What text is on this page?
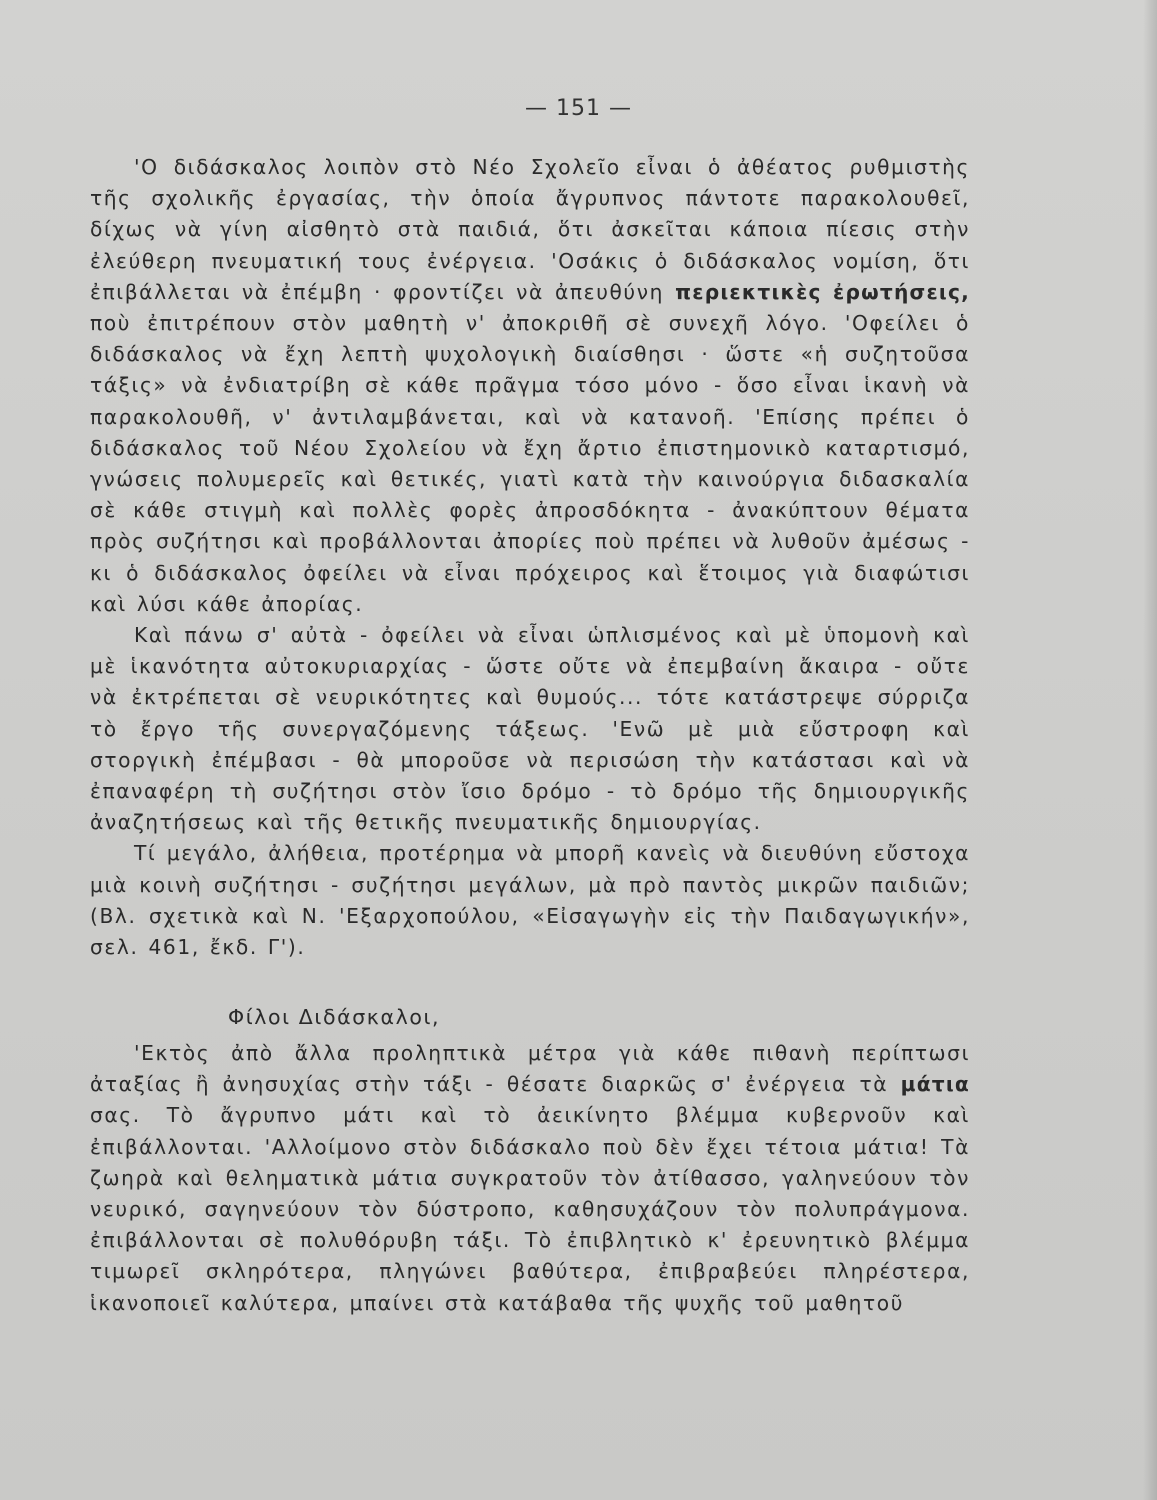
— 151 —

'Ο διδάσκαλος λοιπὸν στὸ Νέο Σχολεῖο εἶναι ὁ ἀθέατος ρυθμιστὴς τῆς σχολικῆς ἐργασίας, τὴν ὁποία ἄγρυπνος πάντοτε παρακολουθεῖ, δίχως νὰ γίνη αἰσθητὸ στὰ παιδιά, ὅτι ἀσκεῖται κάποια πίεσις στὴν ἐλεύθερη πνευματική τους ἐνέργεια. 'Οσάκις ὁ διδάσκαλος νομίση, ὅτι ἐπιβάλλεται νὰ ἐπέμβη · φροντίζει νὰ ἀπευθύνη περιεκτικὲς ἐρωτήσεις, ποὺ ἐπιτρέπουν στὸν μαθητὴ ν' ἀποκριθῆ σὲ συνεχῆ λόγο. 'Οφείλει ὁ διδάσκαλος νὰ ἔχη λεπτὴ ψυχολογικὴ διαίσθησι · ὥστε «ἡ συζητοῦσα τάξις» νὰ ἐνδιατρίβη σὲ κάθε πρᾶγμα τόσο μόνο - ὅσο εἶναι ἱκανὴ νὰ παρακολουθῆ, ν' ἀντιλαμβάνεται, καὶ νὰ κατανοῆ. 'Επίσης πρέπει ὁ διδάσκαλος τοῦ Νέου Σχολείου νὰ ἔχη ἄρτιο ἐπιστημονικὸ καταρτισμό, γνώσεις πολυμερεῖς καὶ θετικές, γιατὶ κατὰ τὴν καινούργια διδασκαλία σὲ κάθε στιγμὴ καὶ πολλὲς φορὲς ἀπροσδόκητα - ἀνακύπτουν θέματα πρὸς συζήτησι καὶ προβάλλονται ἀπορίες ποὺ πρέπει νὰ λυθοῦν ἀμέσως - κι ὁ διδάσκαλος ὀφείλει νὰ εἶναι πρόχειρος καὶ ἕτοιμος γιὰ διαφώτισι καὶ λύσι κάθε ἀπορίας.

Καὶ πάνω σ' αὐτὰ - ὀφείλει νὰ εἶναι ὡπλισμένος καὶ μὲ ὑπομονὴ καὶ μὲ ἱκανότητα αὐτοκυριαρχίας - ὥστε οὔτε νὰ ἐπεμβαίνη ἄκαιρα - οὔτε νὰ ἐκτρέπεται σὲ νευρικότητες καὶ θυμούς... τότε κατάστρεψε σύρριζα τὸ ἔργο τῆς συνεργαζόμενης τάξεως. 'Ενῶ μὲ μιὰ εὔστροφη καὶ στοργικὴ ἐπέμβασι - θὰ μποροῦσε νὰ περισώση τὴν κατάστασι καὶ νὰ ἐπαναφέρη τὴ συζήτησι στὸν ἴσιο δρόμο - τὸ δρόμο τῆς δημιουργικῆς ἀναζητήσεως καὶ τῆς θετικῆς πνευματικῆς δημιουργίας.

Τί μεγάλο, ἀλήθεια, προτέρημα νὰ μπορῆ κανεὶς νὰ διευθύνη εὔστοχα μιὰ κοινὴ συζήτησι - συζήτησι μεγάλων, μὰ πρὸ παντὸς μικρῶν παιδιῶν; (Βλ. σχετικὰ καὶ Ν. 'Εξαρχοπούλου, «Εἰσαγωγὴν εἰς τὴν Παιδαγωγικήν», σελ. 461, ἔκδ. Γ').

Φίλοι Διδάσκαλοι,

'Εκτὸς ἀπὸ ἄλλα προληπτικὰ μέτρα γιὰ κάθε πιθανὴ περίπτωσι ἀταξίας ἢ ἀνησυχίας στὴν τάξι - θέσατε διαρκῶς σ' ἐνέργεια τὰ μάτια σας. Τὸ ἄγρυπνο μάτι καὶ τὸ ἀεικίνητο βλέμμα κυβερνοῦν καὶ ἐπιβάλλονται. 'Αλλοίμονο στὸν διδάσκαλο ποὺ δὲν ἔχει τέτοια μάτια! Τὰ ζωηρὰ καὶ θεληματικὰ μάτια συγκρατοῦν τὸν ἀτίθασσο, γαληνεύουν τὸν νευρικό, σαγηνεύουν τὸν δύστροπο, καθησυχάζουν τὸν πολυπράγμονα. ἐπιβάλλονται σὲ πολυθόρυβη τάξι. Τὸ ἐπιβλητικὸ κ' ἐρευνητικὸ βλέμμα τιμωρεῖ σκληρότερα, πληγώνει βαθύτερα, ἐπιβραβεύει πληρέστερα, ἱκανοποιεῖ καλύτερα, μπαίνει στὰ κατάβαθα τῆς ψυχῆς τοῦ μαθητοῦ
